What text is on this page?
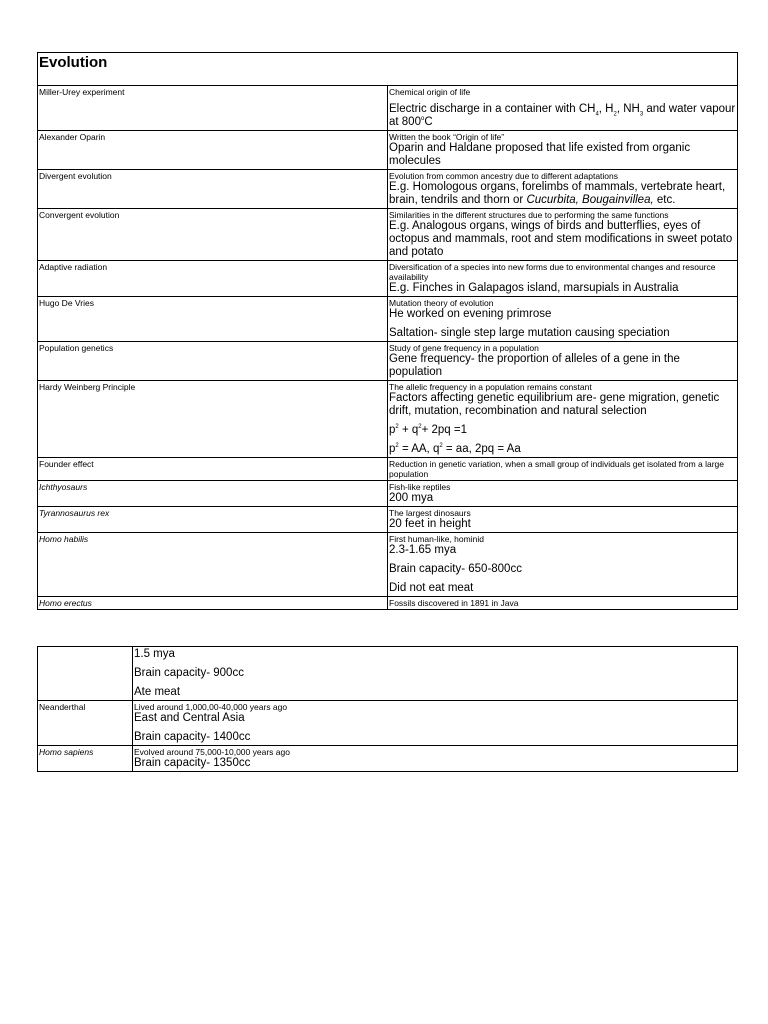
Evolution	
Miller-Urey experiment	Chemical origin of life
Electric discharge in a container with $CH_4$, $H_2$, $NH_3$ and water vapour at 800$^o$C

Alexander Oparin	Written the book “Origin of life”
Oparin and Haldane proposed that life existed from organic molecules

Divergent evolution	Evolution from common ancestry due to different adaptations
E.g. Homologous organs, forelimbs of mammals, vertebrate heart, brain, tendrils and thorn or Cucurbita, Bougainvillea, etc.

Convergent evolution	Similarities in the different structures due to performing the same functions
E.g. Analogous organs, wings of birds and butterflies, eyes of octopus and mammals, root and stem modifications in sweet potato and potato

Adaptive radiation	Diversification of a species into new forms due to environmental changes and resource availability
E.g. Finches in Galapagos island, marsupials in Australia

Hugo De Vries	Mutation theory of evolution
He worked on evening primrose
Saltation- single step large mutation causing speciation

Population genetics	Study of gene frequency in a population
Gene frequency- the proportion of alleles of a gene in the population

Hardy Weinberg Principle	The allelic frequency in a population remains constant
Factors affecting genetic equilibrium are- gene migration, genetic drift, mutation, recombination and natural selection
$p^2 + q^2+ 2pq =1$
$p^2$ = AA, $q^2$ = aa, 2pq = Aa

Founder effect	Reduction in genetic variation, when a small group of individuals get isolated from a large population

Ichthyosaurs	Fish-like reptiles
200 mya

Tyrannosaurus rex	The largest dinosaurs
20 feet in height

Homo habilis	First human-like, hominid
2.3-1.65 mya
Brain capacity- 650-800cc
Did not eat meat

Homo erectus	Fossils discovered in 1891 in Java

	1.5 mya
Brain capacity- 900cc
Ate meat

Neanderthal	Lived around 1,000,00-40,000 years ago
East and Central Asia
Brain capacity- 1400cc

Homo sapiens	Evolved around 75,000-10,000 years ago
Brain capacity- 1350cc
